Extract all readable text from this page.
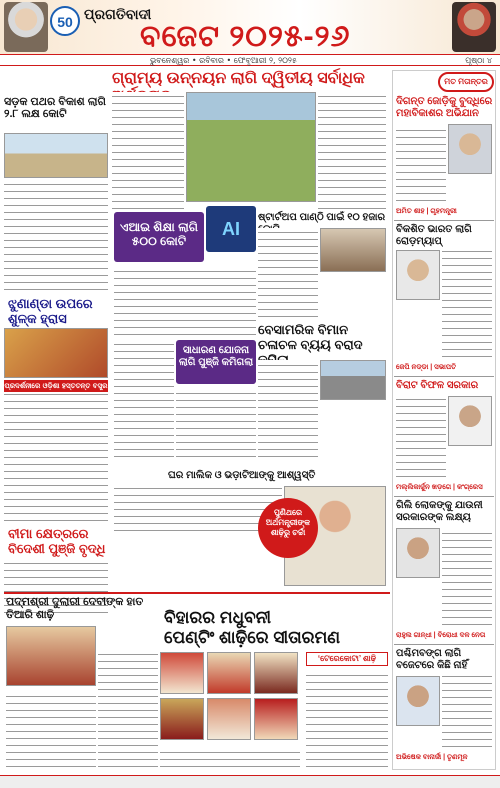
50 ପ୍ରଗତିବାଦୀ
ବଜେଟ ୨୦୨୫-୨୬
ଭୁବନେଶ୍ୱର • ରବିବାର • ଫେବୃଆରୀ ୨, ୨୦୨୫	ପୃଷ୍ଠା ୪
ଗ୍ରାମ୍ୟ ଉନ୍ନୟନ ଲାଗି ଦ୍ୱିତୀୟ ସର୍ବାଧିକ
ସଡ଼କ ପଥର ବିକାଶ ଲାଗି ୨.୮ ଲକ୍ଷ କୋଟି
ଝୁଣାଣ୍ଡା ଉପରେ ଶୁଳ୍କ ହ୍ରାସ
ପ୍ରଦର୍ଶନୀରେ ଓଡ଼ିଶା ହସ୍ତତନ୍ତ ବସ୍ତ୍ର
ବୀମା କ୍ଷେତ୍ରରେ ବିଦେଶୀ ପୁଞ୍ଜି ବୃଦ୍ଧି
ଏଆଇ ଶିକ୍ଷା ଲାଗି ୫୦୦ କୋଟି
AI
ଷ୍ଟାର୍ଟଅପ ପାଣ୍ଠି ପାଇଁ ୧୦ ହଜାର
ବେସାମରିକ ବିମାନ ଚଳାଚଳ ବ୍ୟୟ ବରାଦ
ସାଧାରଣ ଯୋଜନା ଲାଗି ପୁଞ୍ଜି କମିଗଲା
ଘର ମାଲିକ ଓ ଭଡ଼ାଟିଆଙ୍କୁ ଆଶ୍ୱସ୍ତି
ପୁଣିଥରେ ଅର୍ଥମନ୍ତ୍ରୀଙ୍କ ଶାଢ଼ିରୁ ଚର୍ଚ୍ଚା
ମତ ମତାନ୍ତର
ଦିଗନ୍ତ ଜୋଡ଼ିକୁ ବୁଦ୍ଧିରେ ମହାବିକାଶର ଅଭିଯାନ
ଅମିତ ଶାହ | ଗୃହମନ୍ତ୍ରୀ
ବିକଶିତ ଭାରତ ଲାଗି ରୋଡ଼ମ୍ୟାପ୍
ଜେପି ନଡ୍ଡା | ସଭାପତି
ବିରାଟ ବିଫଳ ସରକାର
ମଲ୍ଲିକାର୍ଜୁନ ଖଡ଼ଗେ | କଂଗ୍ରେସ
ଗିଲି ଲୋକଙ୍କୁ ଯାଉନୀ ସରକାରଙ୍କ ଲକ୍ଷ୍ୟ
ରାହୁଲ ଗାନ୍ଧୀ | ବିରୋଧୀ ଦଳ ନେତା
ପଶ୍ଚିମବଙ୍ଗ ଲାଗି ବଜେଟରେ କିଛି ନାହିଁ
ଅଭିଷେକ ବାନାର୍ଜୀ | ତୃଣମୂଳ
ପଦ୍ମଶ୍ରୀ ଦୁଲାରୀ ଦେବୀଙ୍କ ହାତ ତିଆରି ଶାଢ଼ି	ବିହାରର ମଧୁବନୀ
ପେଣ୍ଟିଂ ଶାଢ଼ିରେ ସୀତାରମଣ
‘ଟେରେକୋଟା’ ଶାଢ଼ି
